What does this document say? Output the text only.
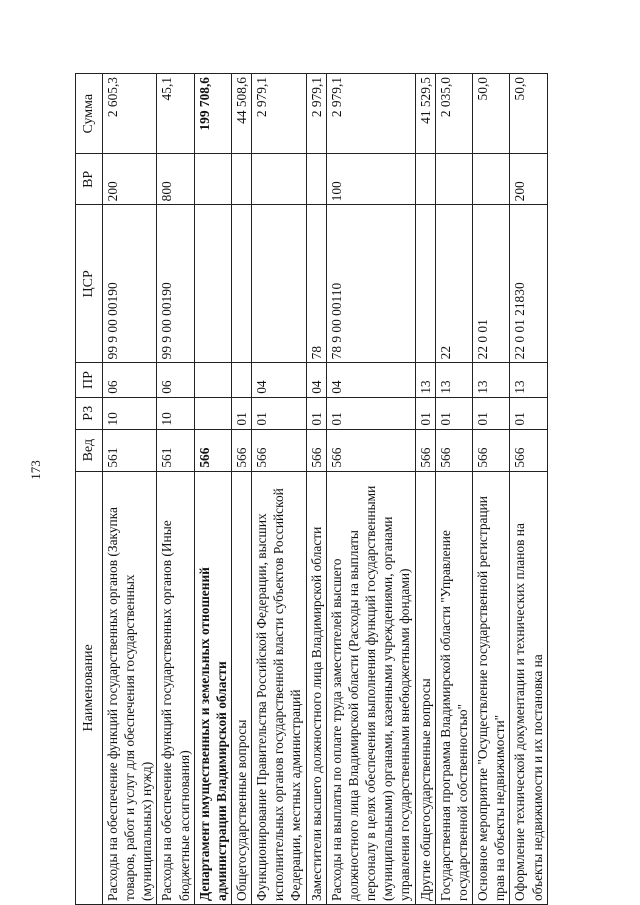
173
Наименование	Вед	РЗ	ПР	ЦСР	ВР	Сумма
Расходы на обеспечение функций государственных органов (Закупка товаров, работ и услуг для обеспечения государственных (муниципальных) нужд)	561	10	06	99 9 00 00190	200	2 605,3
Расходы на обеспечение функций государственных органов (Иные бюджетные ассигнования)	561	10	06	99 9 00 00190	800	45,1
Департамент имущественных и земельных отношений администрации Владимирской области	566					199 708,6
Общегосударственные вопросы	566	01				44 508,6
Функционирование Правительства Российской Федерации, высших исполнительных органов государственной власти субъектов Российской Федерации, местных администраций	566	01	04			2 979,1
Заместители высшего должностного лица Владимирской области	566	01	04	78		2 979,1
Расходы на выплаты по оплате труда заместителей высшего должностного лица Владимирской области (Расходы на выплаты персоналу в целях обеспечения выполнения функций государственными (муниципальными) органами, казенными учреждениями, органами управления государственными внебюджетными фондами)	566	01	04	78 9 00 00110	100	2 979,1
Другие общегосударственные вопросы	566	01	13			41 529,5
Государственная программа Владимирской области "Управление государственной собственностью"	566	01	13	22		2 035,0
Основное мероприятие "Осуществление государственной регистрации прав на объекты недвижимости"	566	01	13	22 0 01		50,0
Оформление технической документации и технических планов на объекты недвижимости и их постановка на	566	01	13	22 0 01 21830	200	50,0
